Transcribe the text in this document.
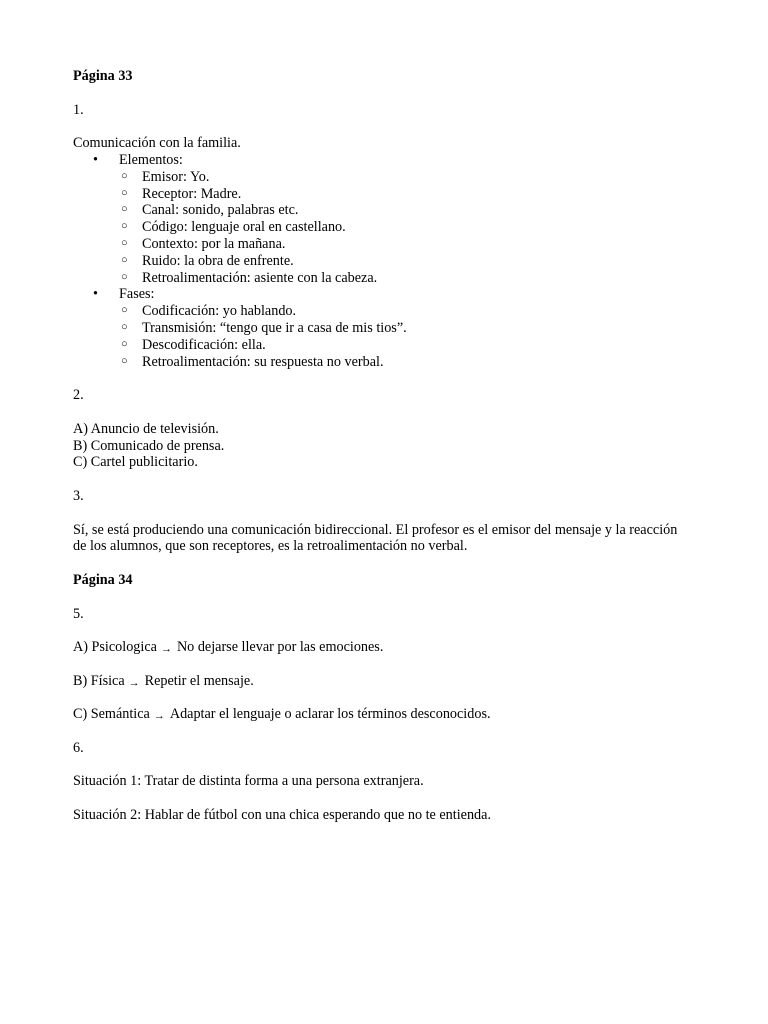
Página 33
1.
Comunicación con la familia.
• Elementos:
○ Emisor: Yo.
○ Receptor: Madre.
○ Canal: sonido, palabras etc.
○ Código: lenguaje oral en castellano.
○ Contexto: por la mañana.
○ Ruido: la obra de enfrente.
○ Retroalimentación: asiente con la cabeza.
• Fases:
○ Codificación: yo hablando.
○ Transmisión: “tengo que ir a casa de mis tios”.
○ Descodificación: ella.
○ Retroalimentación: su respuesta no verbal.
2.
A) Anuncio de televisión.
B) Comunicado de prensa.
C) Cartel publicitario.
3.
Sí, se está produciendo una comunicación bidireccional. El profesor es el emisor del mensaje y la reacción de los alumnos, que son receptores, es la retroalimentación no verbal.
Página 34
5.
A) Psicologica → No dejarse llevar por las emociones.
B) Física → Repetir el mensaje.
C) Semántica → Adaptar el lenguaje o aclarar los términos desconocidos.
6.
Situación 1: Tratar de distinta forma a una persona extranjera.
Situación 2: Hablar de fútbol con una chica esperando que no te entienda.
